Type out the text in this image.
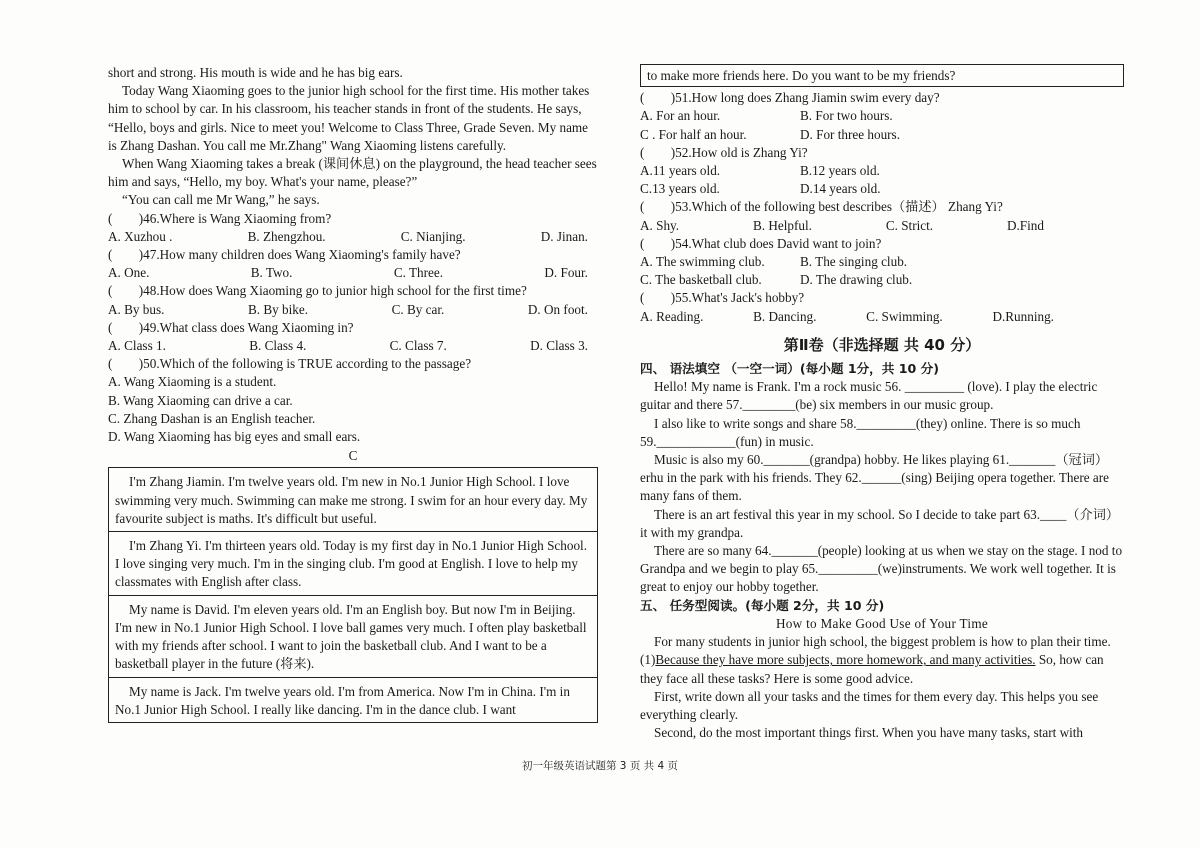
short and strong. His mouth is wide and he has big ears.

Today Wang Xiaoming goes to the junior high school for the first time. His mother takes him to school by car. In his classroom, his teacher stands in front of the students. He says, “Hello, boys and girls. Nice to meet you! Welcome to Class Three, Grade Seven. My name is Zhang Dashan. You call me Mr.Zhang" Wang Xiaoming listens carefully.

When Wang Xiaoming takes a break (课间休息) on the playground, the head teacher sees him and says, “Hello, my boy. What's your name, please?”

“You can call me Mr Wang,” he says.

(        )46.Where is Wang Xiaoming from?

A. Xuzhou .	B. Zhengzhou.	C. Nianjing.	D. Jinan.

(        )47.How many children does Wang Xiaoming's family have?

A. One.	B. Two.	C. Three.	D. Four.

(        )48.How does Wang Xiaoming go to junior high school for the first time?

A. By bus.	B. By bike.	C. By car.	D. On foot.

(        )49.What class does Wang Xiaoming in?

A. Class 1.	B. Class 4.	C. Class 7.	D. Class 3.

(        )50.Which of the following is TRUE according to the passage?

A. Wang Xiaoming is a student.

B. Wang Xiaoming can drive a car.

C. Zhang Dashan is an English teacher.

D. Wang Xiaoming has big eyes and small ears.

C

I'm Zhang Jiamin. I'm twelve years old. I'm new in No.1 Junior High School. I love swimming very much. Swimming can make me strong. I swim for an hour every day. My favourite subject is maths. It's difficult but useful.

I'm Zhang Yi. I'm thirteen years old. Today is my first day in No.1 Junior High School. I love singing very much. I'm in the singing club. I'm good at English. I love to help my classmates with English after class.

My name is David. I'm eleven years old. I'm an English boy. But now I'm in Beijing. I'm new in No.1 Junior High School. I love ball games very much. I often play basketball with my friends after school. I want to join the basketball club. And I want to be a basketball player in the future (将来).

My name is Jack. I'm twelve years old. I'm from America. Now I'm in China. I'm in No.1 Junior High School. I really like dancing. I'm in the dance club. I want

to make more friends here. Do you want to be my friends?

(        )51.How long does Zhang Jiamin swim every day?

A. For an hour.	B. For two hours.
C . For half an hour.	D. For three hours.

(        )52.How old is Zhang Yi?

A.11 years old.	B.12 years old.
C.13 years old.	D.14 years old.

(        )53.Which of the following best describes（描述） Zhang Yi?

A. Shy.	B. Helpful.	C. Strict.	D.Find

(        )54.What club does David want to join?

A. The swimming club.	B. The singing club.
C. The basketball club.	D. The drawing club.

(        )55.What's Jack's hobby?

A. Reading.	B. Dancing.	C. Swimming.	D.Running.

第Ⅱ卷（非选择题 共 40 分）

四、 语法填空 （一空一词）(每小题 1分，共 10 分)

Hello! My name is Frank. I'm a rock music 56. _________ (love). I play the electric guitar and there 57.________(be) six members in our music group.

I also like to write songs and share 58._________(they) online. There is so much 59.____________(fun) in music.

Music is also my 60._______(grandpa) hobby. He likes playing 61._______（冠词） erhu in the park with his friends. They 62.______(sing) Beijing opera together. There are many fans of them.

There is an art festival this year in my school. So I decide to take part 63.____（介词） it with my grandpa.

There are so many 64._______(people) looking at us when we stay on the stage. I nod to Grandpa and we begin to play 65._________(we)instruments. We work well together. It is great to enjoy our hobby together.

五、 任务型阅读。(每小题 2分，共 10 分)

How to Make Good Use of Your Time

For many students in junior high school, the biggest problem is how to plan their time. (1)Because they have more subjects, more homework, and many activities. So, how can they face all these tasks? Here is some good advice.

First, write down all your tasks and the times for them every day. This helps you see everything clearly.

Second, do the most important things first. When you have many tasks, start with

初一年级英语试题第 3 页 共 4 页
